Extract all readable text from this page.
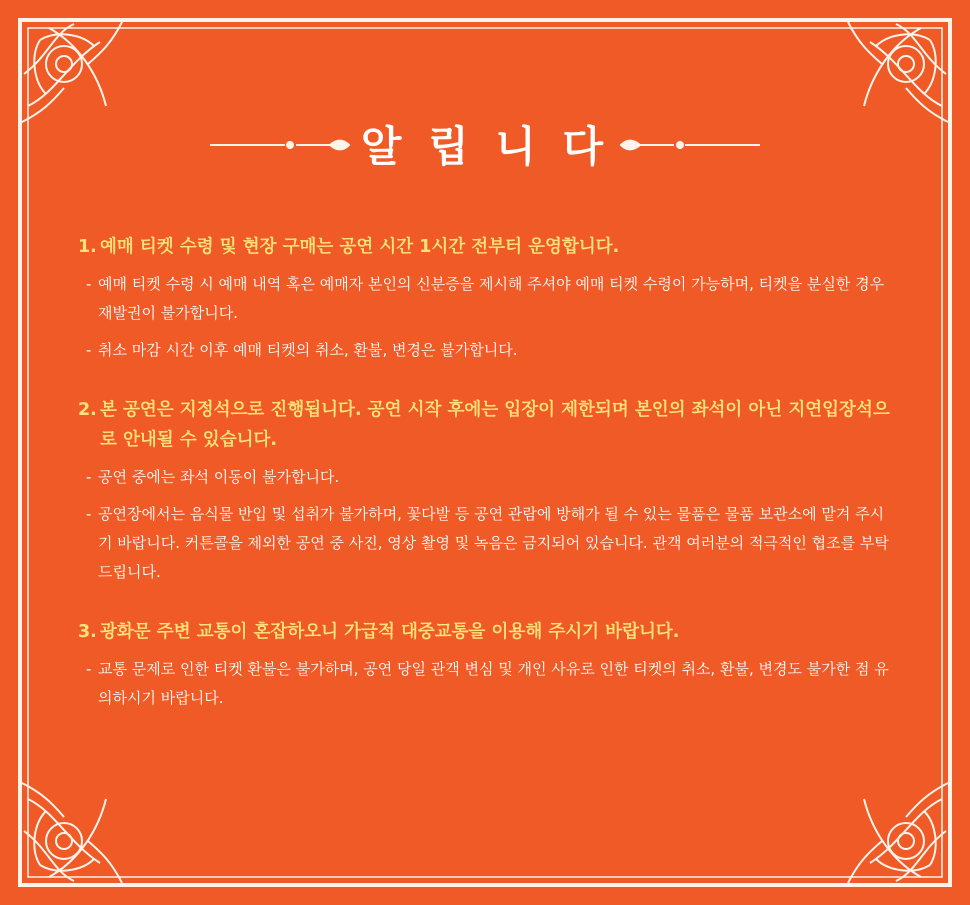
알 립 니 다
1. 예매 티켓 수령 및 현장 구매는 공연 시간 1시간 전부터 운영합니다.
- 예매 티켓 수령 시 예매 내역 혹은 예매자 본인의 신분증을 제시해 주셔야 예매 티켓 수령이 가능하며, 티켓을 분실한 경우 재발권이 불가합니다.
- 취소 마감 시간 이후 예매 티켓의 취소, 환불, 변경은 불가합니다.
2. 본 공연은 지정석으로 진행됩니다. 공연 시작 후에는 입장이 제한되며 본인의 좌석이 아닌 지연입장석으로 안내될 수 있습니다.
- 공연 중에는 좌석 이동이 불가합니다.
- 공연장에서는 음식물 반입 및 섭취가 불가하며, 꽃다발 등 공연 관람에 방해가 될 수 있는 물품은 물품 보관소에 맡겨 주시기 바랍니다. 커튼콜을 제외한 공연 중 사진, 영상 촬영 및 녹음은 금지되어 있습니다. 관객 여러분의 적극적인 협조를 부탁드립니다.
3. 광화문 주변 교통이 혼잡하오니 가급적 대중교통을 이용해 주시기 바랍니다.
- 교통 문제로 인한 티켓 환불은 불가하며, 공연 당일 관객 변심 및 개인 사유로 인한 티켓의 취소, 환불, 변경도 불가한 점 유의하시기 바랍니다.
